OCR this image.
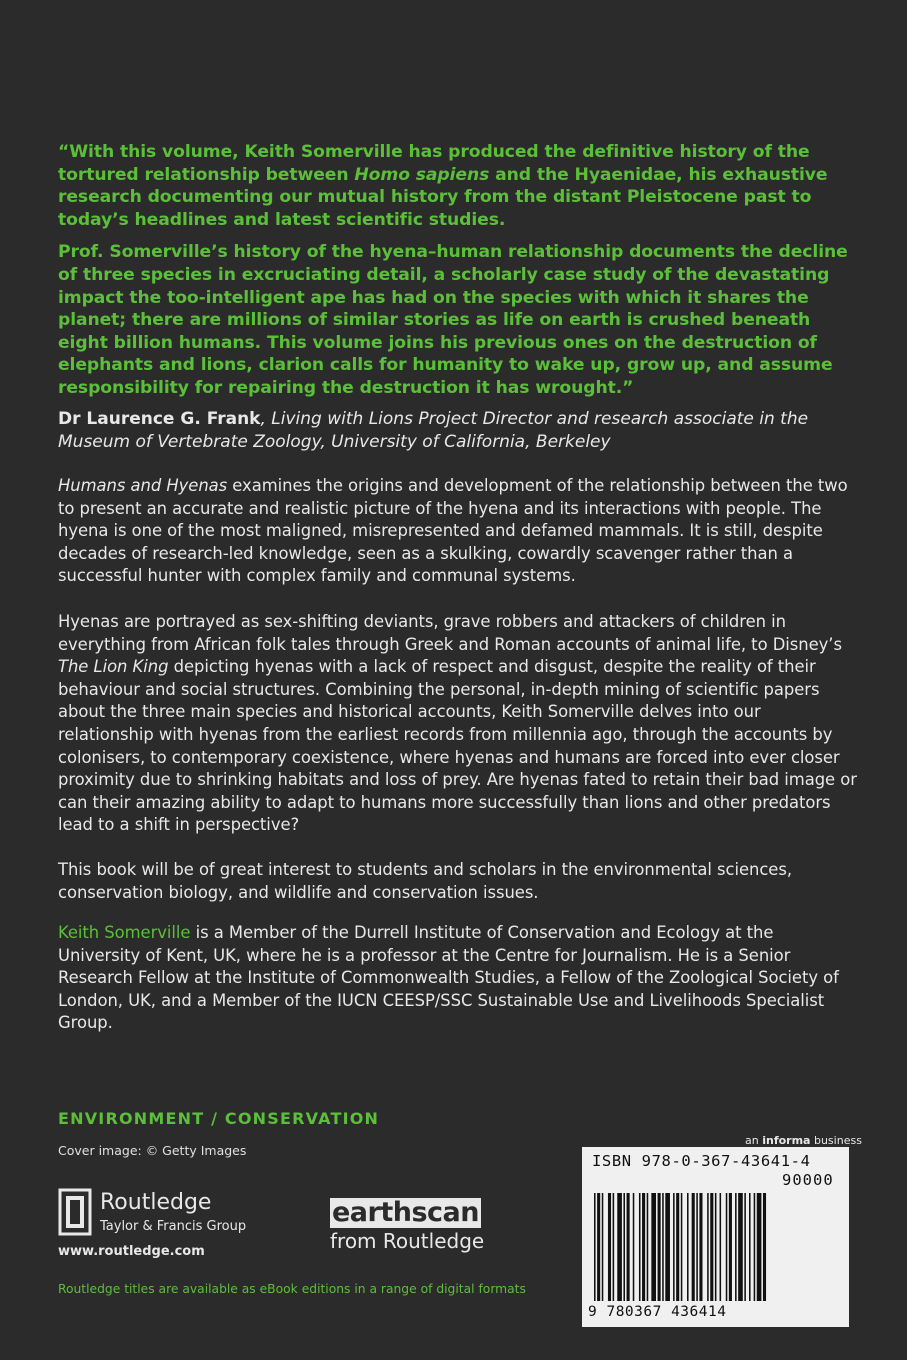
“With this volume, Keith Somerville has produced the definitive history of the tortured relationship between Homo sapiens and the Hyaenidae, his exhaustive research documenting our mutual history from the distant Pleistocene past to today’s headlines and latest scientific studies.

Prof. Somerville’s history of the hyena–human relationship documents the decline of three species in excruciating detail, a scholarly case study of the devastating impact the too-intelligent ape has had on the species with which it shares the planet; there are millions of similar stories as life on earth is crushed beneath eight billion humans. This volume joins his previous ones on the destruction of elephants and lions, clarion calls for humanity to wake up, grow up, and assume responsibility for repairing the destruction it has wrought.”

Dr Laurence G. Frank, Living with Lions Project Director and research associate in the Museum of Vertebrate Zoology, University of California, Berkeley
Humans and Hyenas examines the origins and development of the relationship between the two to present an accurate and realistic picture of the hyena and its interactions with people. The hyena is one of the most maligned, misrepresented and defamed mammals. It is still, despite decades of research-led knowledge, seen as a skulking, cowardly scavenger rather than a successful hunter with complex family and communal systems.
Hyenas are portrayed as sex-shifting deviants, grave robbers and attackers of children in everything from African folk tales through Greek and Roman accounts of animal life, to Disney’s The Lion King depicting hyenas with a lack of respect and disgust, despite the reality of their behaviour and social structures. Combining the personal, in-depth mining of scientific papers about the three main species and historical accounts, Keith Somerville delves into our relationship with hyenas from the earliest records from millennia ago, through the accounts by colonisers, to contemporary coexistence, where hyenas and humans are forced into ever closer proximity due to shrinking habitats and loss of prey. Are hyenas fated to retain their bad image or can their amazing ability to adapt to humans more successfully than lions and other predators lead to a shift in perspective?
This book will be of great interest to students and scholars in the environmental sciences, conservation biology, and wildlife and conservation issues.
Keith Somerville is a Member of the Durrell Institute of Conservation and Ecology at the University of Kent, UK, where he is a professor at the Centre for Journalism. He is a Senior Research Fellow at the Institute of Commonwealth Studies, a Fellow of the Zoological Society of London, UK, and a Member of the IUCN CEESP/SSC Sustainable Use and Livelihoods Specialist Group.
ENVIRONMENT / CONSERVATION
Cover image: © Getty Images
Routledge
Taylor & Francis Group
www.routledge.com
earthscan
from Routledge
Routledge titles are available as eBook editions in a range of digital formats
an informa business
ISBN 978-0-367-43641-4
90000
9 780367 436414
